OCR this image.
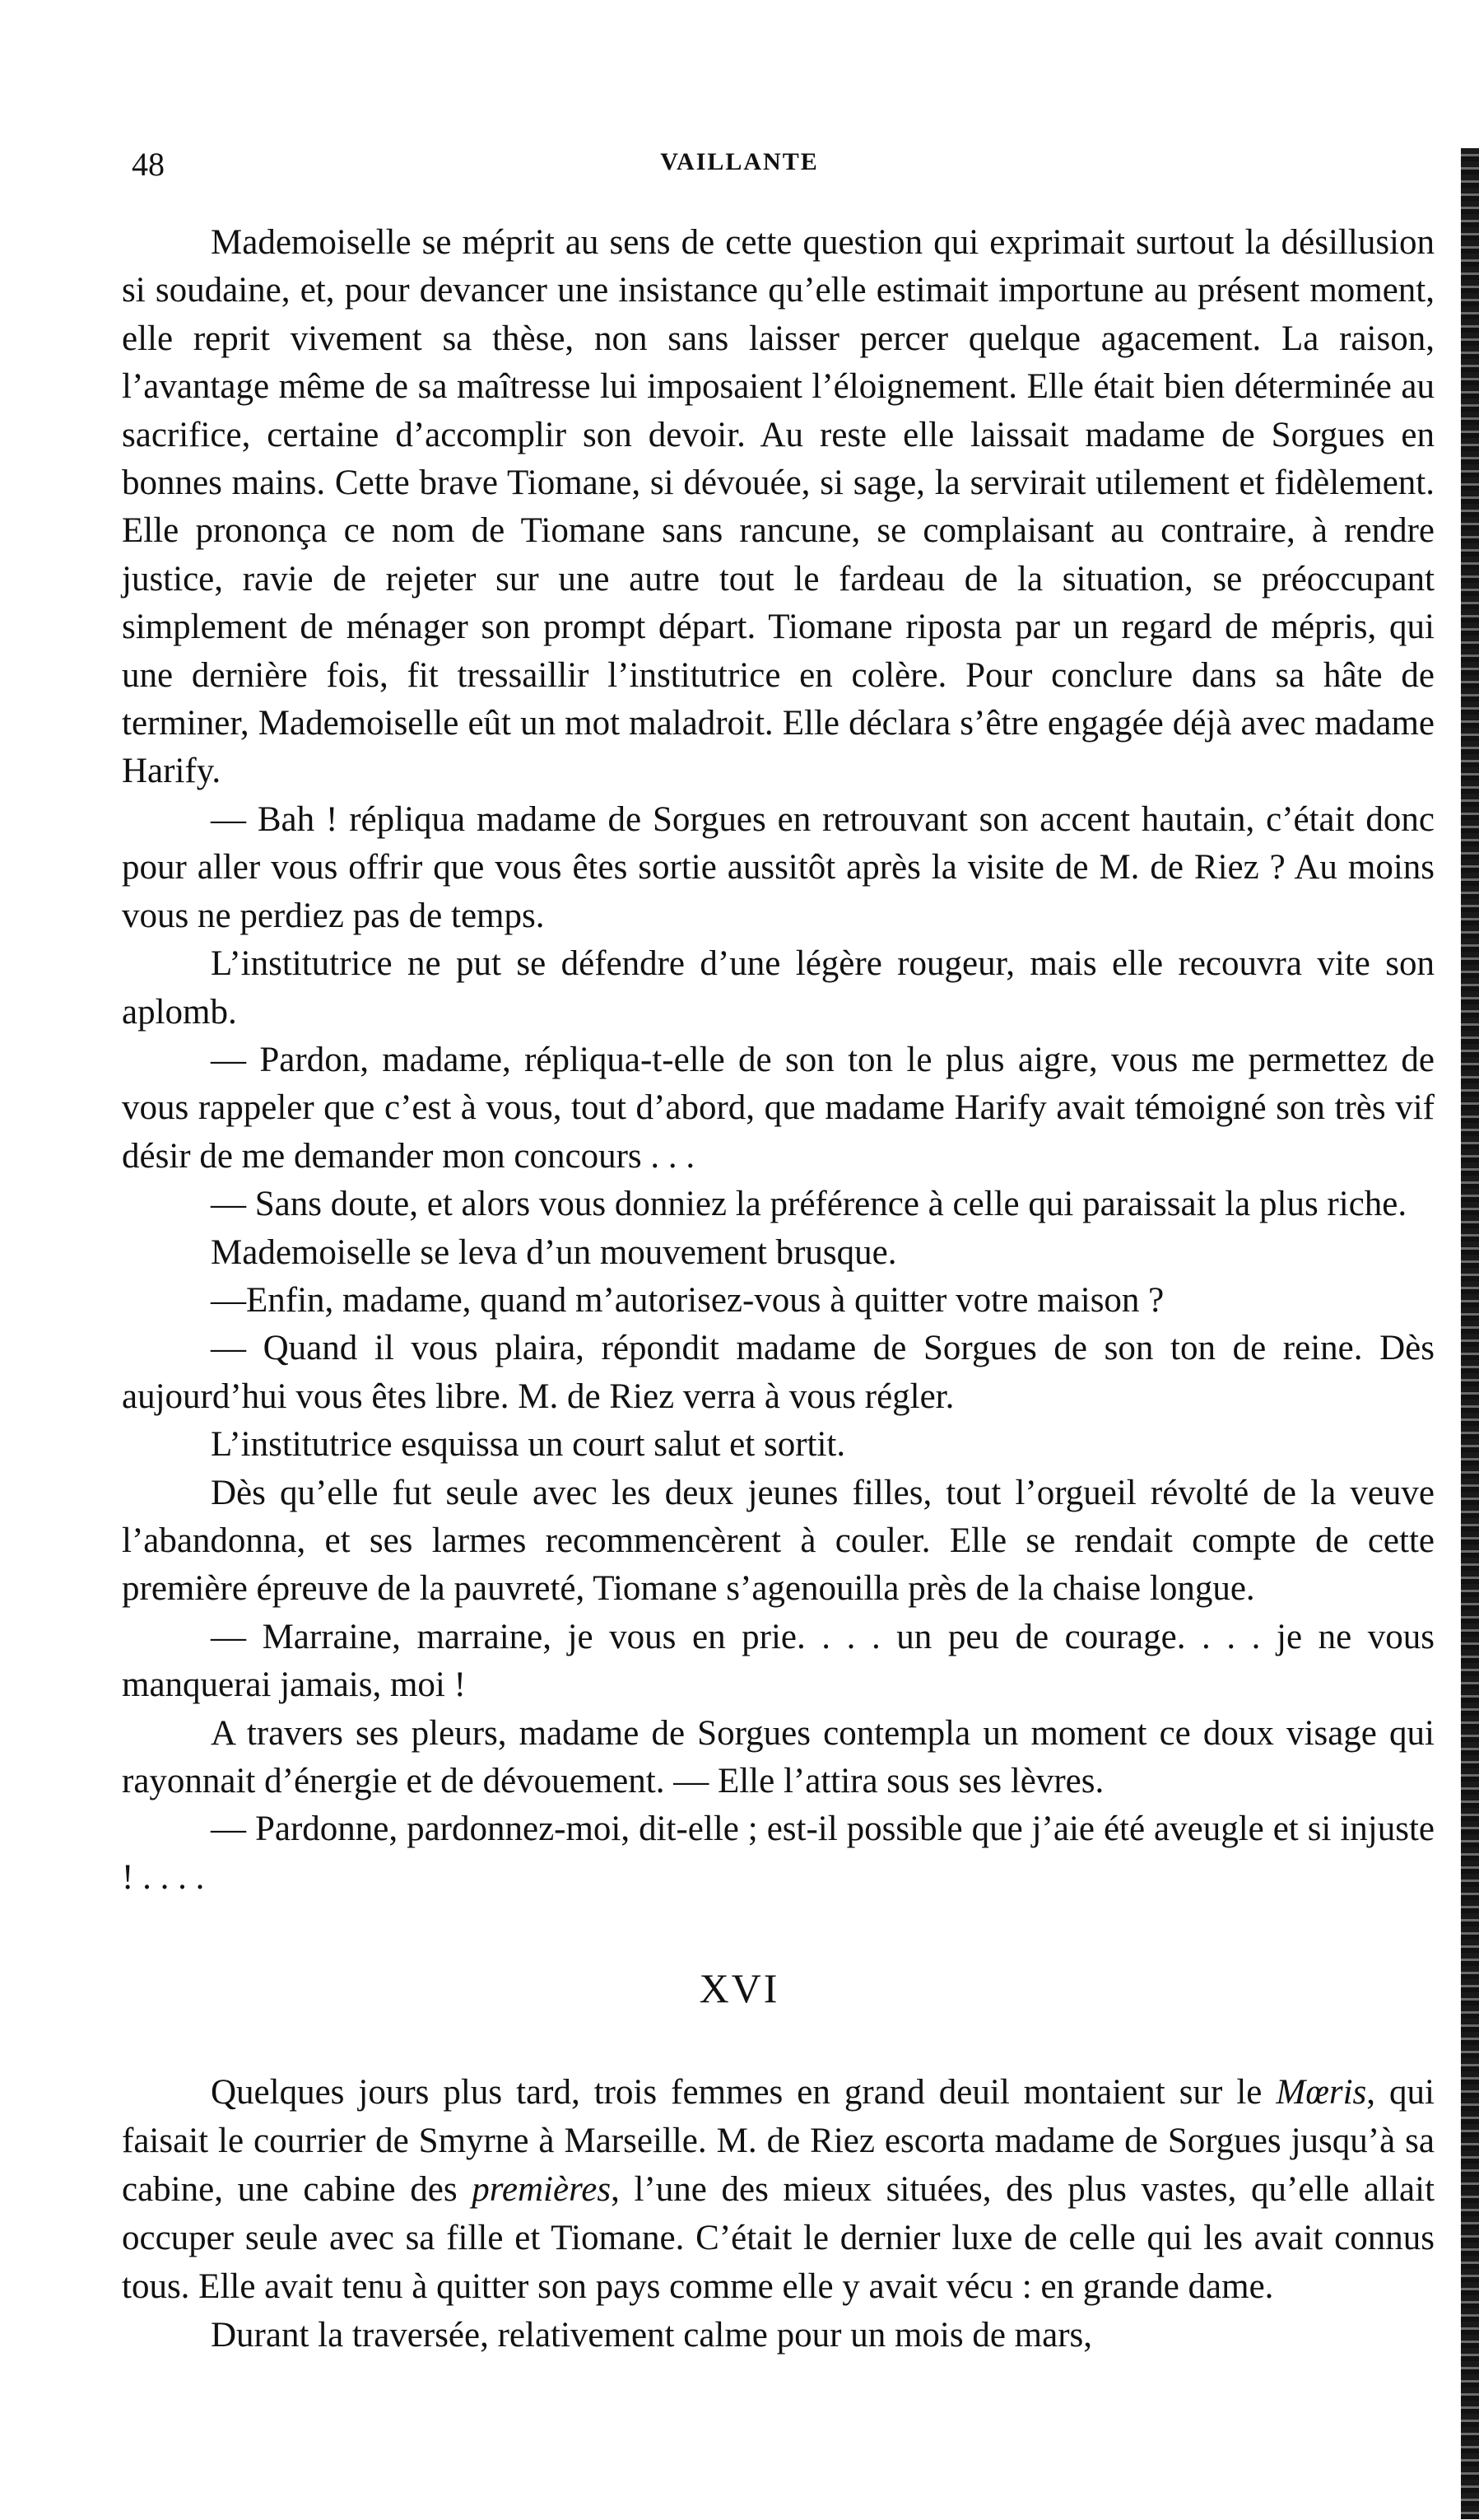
48	VAILLANTE

Mademoiselle se méprit au sens de cette question qui exprimait surtout la désillusion si soudaine, et, pour devancer une insistance qu’elle estimait importune au présent moment, elle reprit vivement sa thèse, non sans laisser percer quelque agacement. La raison, l’avantage même de sa maîtresse lui imposaient l’éloignement. Elle était bien déterminée au sacrifice, certaine d’accomplir son devoir. Au reste elle laissait madame de Sorgues en bonnes mains. Cette brave Tiomane, si dévouée, si sage, la servirait utilement et fidèlement. Elle prononça ce nom de Tiomane sans rancune, se complaisant au contraire, à rendre justice, ravie de rejeter sur une autre tout le fardeau de la situation, se préoccupant simplement de ménager son prompt départ. Tiomane riposta par un regard de mépris, qui une dernière fois, fit tressaillir l’institutrice en colère. Pour conclure dans sa hâte de terminer, Mademoiselle eût un mot maladroit. Elle déclara s’être engagée déjà avec madame Harify.

— Bah ! répliqua madame de Sorgues en retrouvant son accent hautain, c’était donc pour aller vous offrir que vous êtes sortie aussitôt après la visite de M. de Riez ? Au moins vous ne perdiez pas de temps.

L’institutrice ne put se défendre d’une légère rougeur, mais elle recouvra vite son aplomb.

— Pardon, madame, répliqua-t-elle de son ton le plus aigre, vous me permettez de vous rappeler que c’est à vous, tout d’abord, que madame Harify avait témoigné son très vif désir de me demander mon concours . . .

— Sans doute, et alors vous donniez la préférence à celle qui paraissait la plus riche.

Mademoiselle se leva d’un mouvement brusque.

—Enfin, madame, quand m’autorisez-vous à quitter votre maison ?

— Quand il vous plaira, répondit madame de Sorgues de son ton de reine. Dès aujourd’hui vous êtes libre. M. de Riez verra à vous régler.

L’institutrice esquissa un court salut et sortit.

Dès qu’elle fut seule avec les deux jeunes filles, tout l’orgueil révolté de la veuve l’abandonna, et ses larmes recommencèrent à couler. Elle se rendait compte de cette première épreuve de la pauvreté, Tiomane s’agenouilla près de la chaise longue.

— Marraine, marraine, je vous en prie. . . . un peu de courage. . . . je ne vous manquerai jamais, moi !

A travers ses pleurs, madame de Sorgues contempla un moment ce doux visage qui rayonnait d’énergie et de dévouement. — Elle l’attira sous ses lèvres.

— Pardonne, pardonnez-moi, dit-elle ; est-il possible que j’aie été aveugle et si injuste ! . . . .

XVI

Quelques jours plus tard, trois femmes en grand deuil montaient sur le Mœris, qui faisait le courrier de Smyrne à Marseille. M. de Riez escorta madame de Sorgues jusqu’à sa cabine, une cabine des premières, l’une des mieux situées, des plus vastes, qu’elle allait occuper seule avec sa fille et Tiomane. C’était le dernier luxe de celle qui les avait connus tous. Elle avait tenu à quitter son pays comme elle y avait vécu : en grande dame.

Durant la traversée, relativement calme pour un mois de mars,
